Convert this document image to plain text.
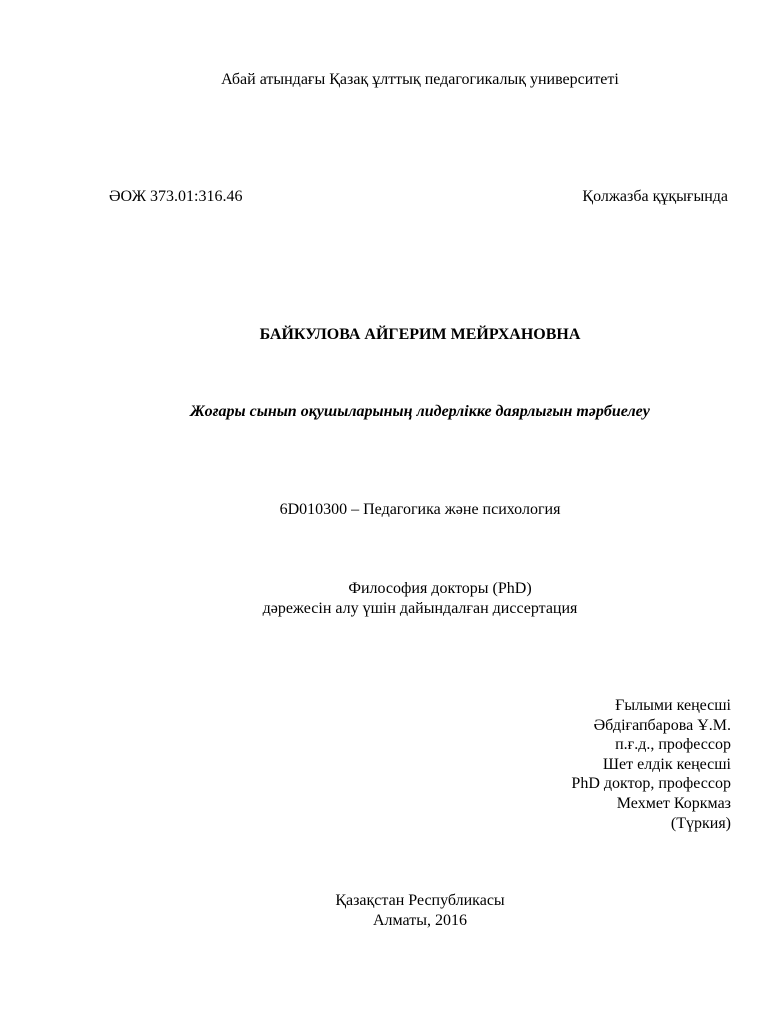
Абай атындағы Қазақ ұлттық педагогикалық университеті
ӘОЖ 373.01:316.46	Қолжазба құқығында
БАЙКУЛОВА АЙГЕРИМ МЕЙРХАНОВНА
Жоғары сынып оқушыларының лидерлікке даярлығын тәрбиелеу
6D010300 – Педагогика және психология
Философия докторы (PhD)
дәрежесін алу үшін дайындалған диссертация
Ғылыми кеңесші
Әбдіғапбарова Ұ.М.
п.ғ.д., профессор
Шет елдік кеңесші
PhD доктор, профессор
Мехмет Коркмаз
(Түркия)
Қазақстан Республикасы
Алматы, 2016
